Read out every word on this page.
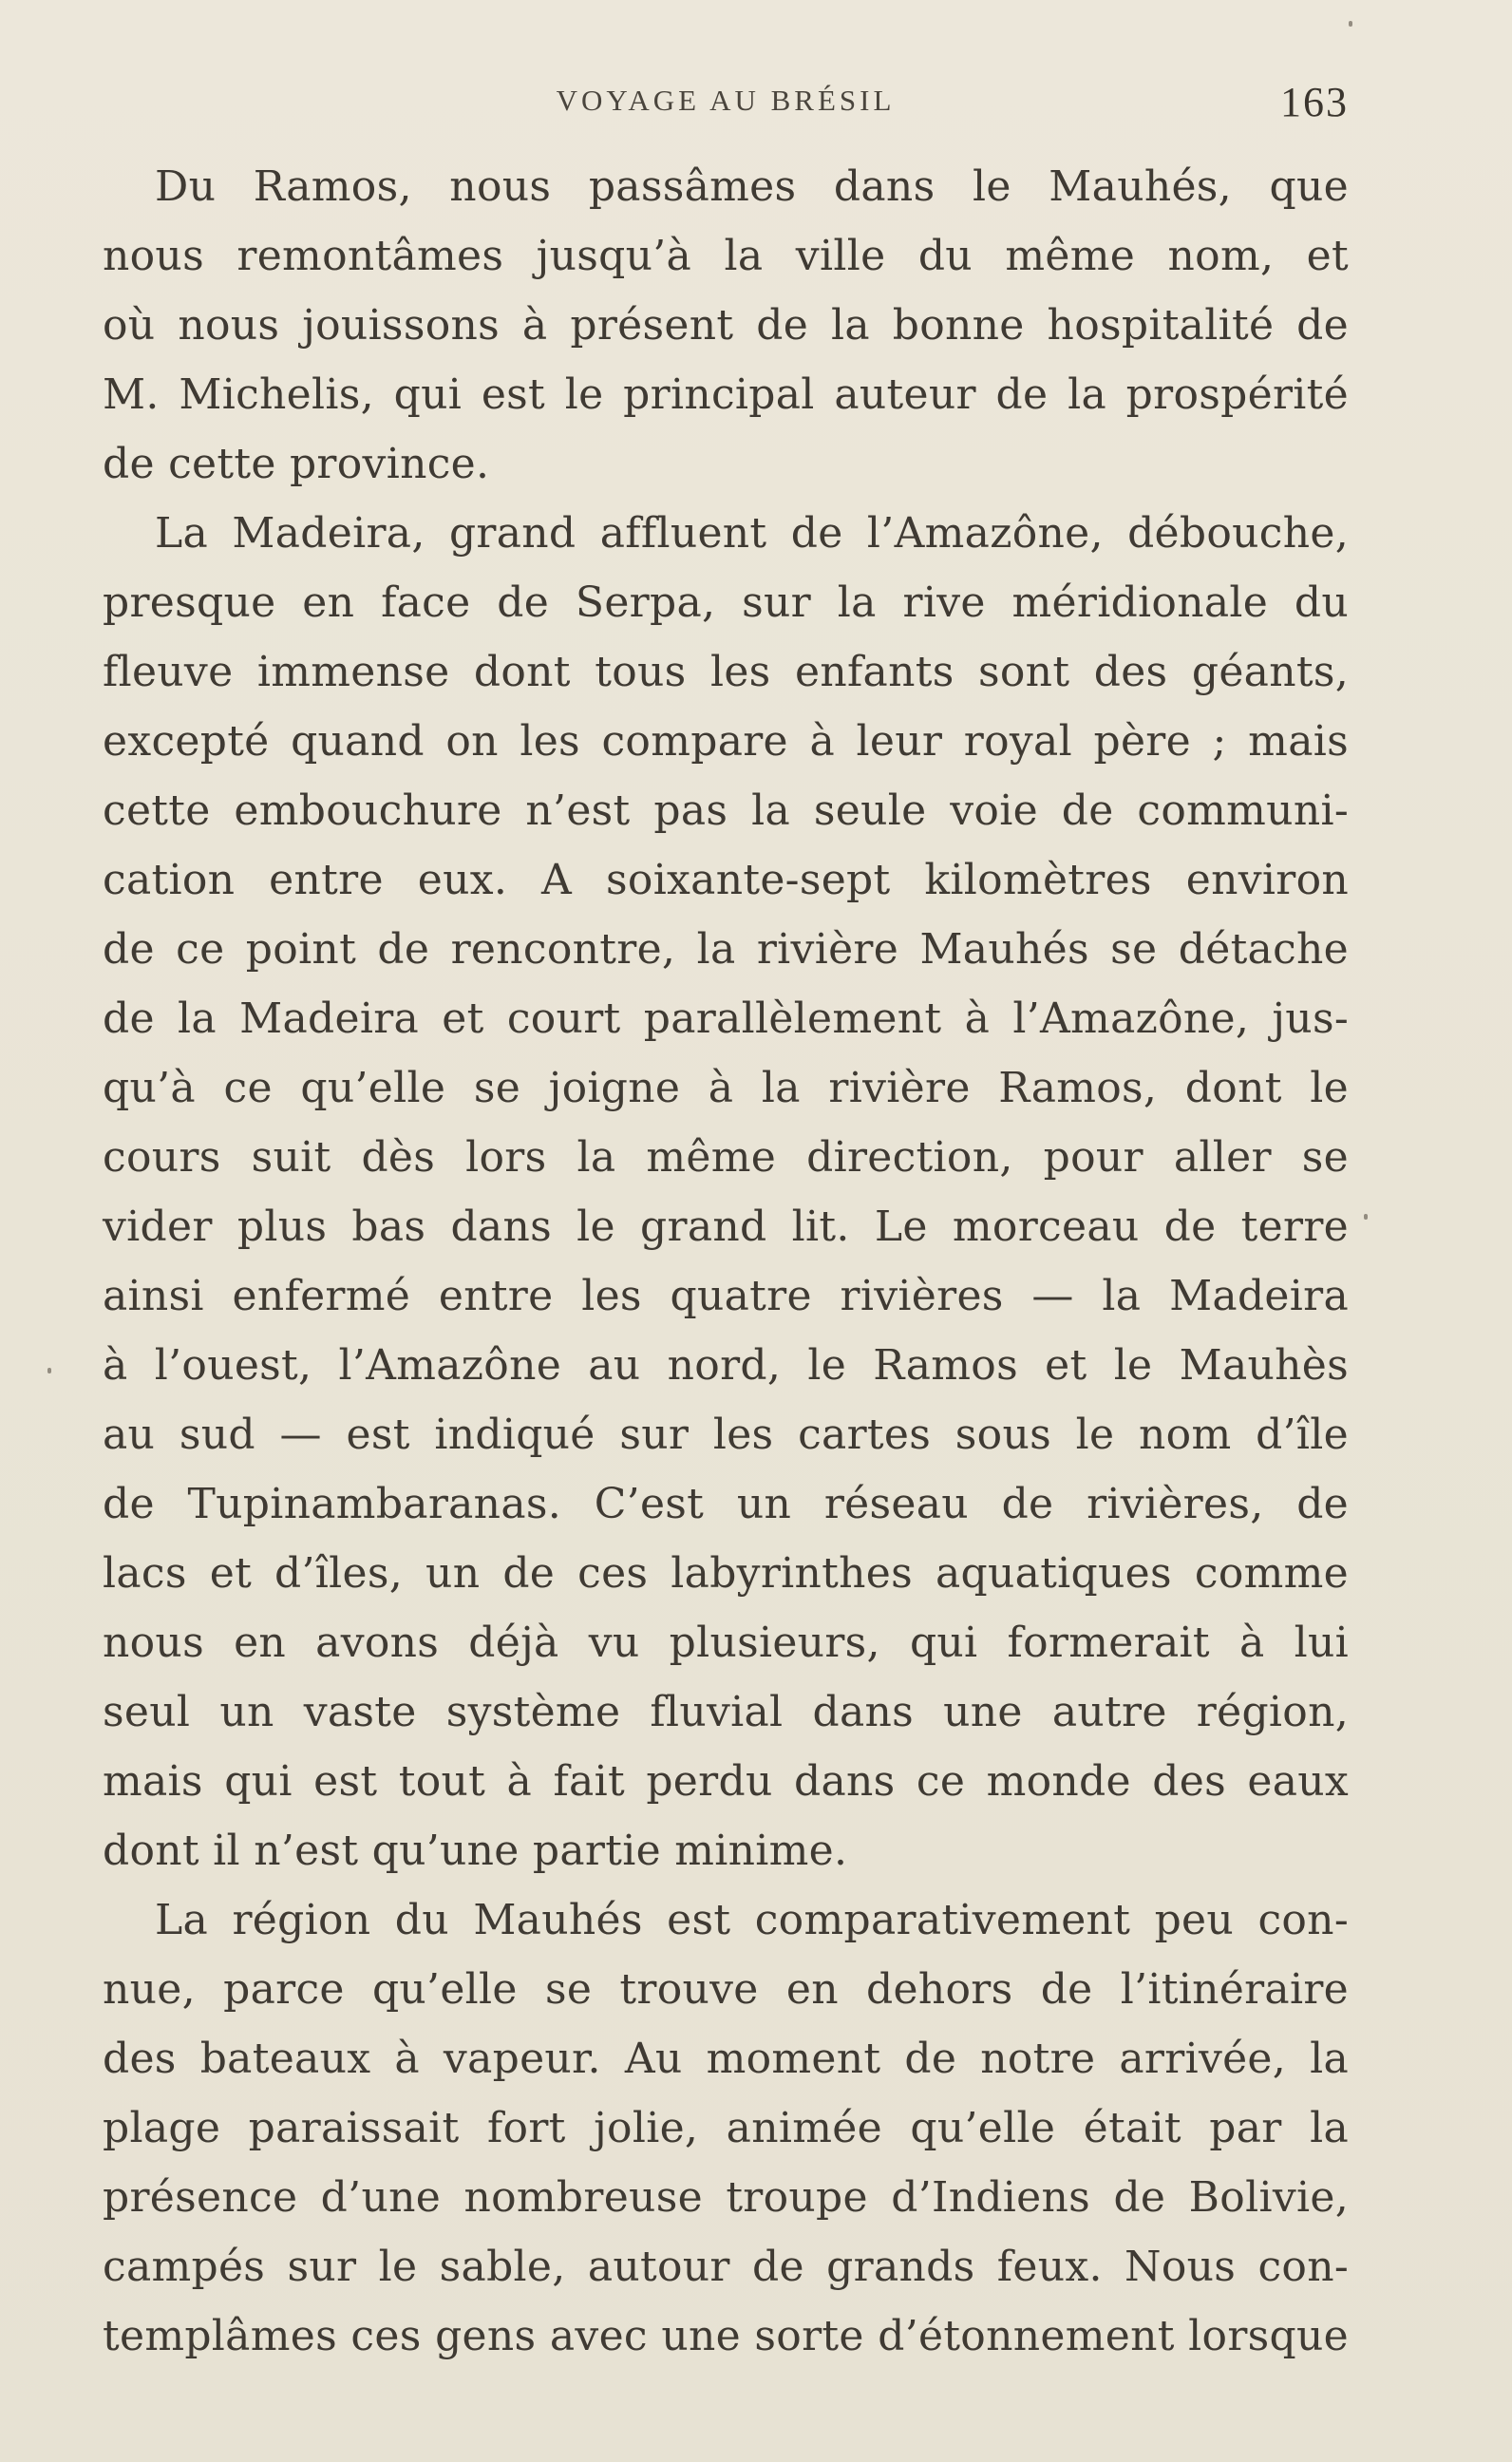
VOYAGE AU BRÉSIL	163
Du Ramos, nous passâmes dans le Mauhés, que
nous remontâmes jusqu’à la ville du même nom, et
où nous jouissons à présent de la bonne hospitalité de
M. Michelis, qui est le principal auteur de la prospérité
de cette province.
La Madeira, grand affluent de l’Amazône, débouche,
presque en face de Serpa, sur la rive méridionale du
fleuve immense dont tous les enfants sont des géants,
excepté quand on les compare à leur royal père ; mais
cette embouchure n’est pas la seule voie de communi-
cation entre eux. A soixante-sept kilomètres environ
de ce point de rencontre, la rivière Mauhés se détache
de la Madeira et court parallèlement à l’Amazône, jus-
qu’à ce qu’elle se joigne à la rivière Ramos, dont le
cours suit dès lors la même direction, pour aller se
vider plus bas dans le grand lit. Le morceau de terre
ainsi enfermé entre les quatre rivières — la Madeira
à l’ouest, l’Amazône au nord, le Ramos et le Mauhès
au sud — est indiqué sur les cartes sous le nom d’île
de Tupinambaranas. C’est un réseau de rivières, de
lacs et d’îles, un de ces labyrinthes aquatiques comme
nous en avons déjà vu plusieurs, qui formerait à lui
seul un vaste système fluvial dans une autre région,
mais qui est tout à fait perdu dans ce monde des eaux
dont il n’est qu’une partie minime.
La région du Mauhés est comparativement peu con-
nue, parce qu’elle se trouve en dehors de l’itinéraire
des bateaux à vapeur. Au moment de notre arrivée, la
plage paraissait fort jolie, animée qu’elle était par la
présence d’une nombreuse troupe d’Indiens de Bolivie,
campés sur le sable, autour de grands feux. Nous con-
templâmes ces gens avec une sorte d’étonnement lorsque
